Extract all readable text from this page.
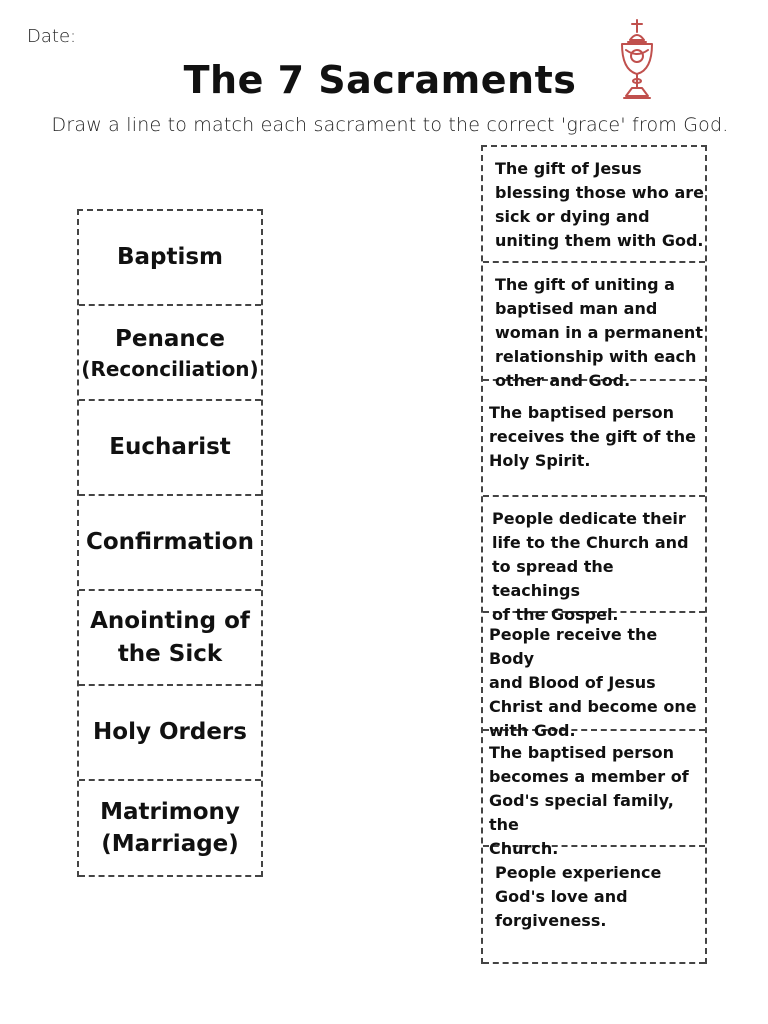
Date:
The 7 Sacraments
Draw a line to match each sacrament to the correct 'grace' from God.
Baptism
Penance
(Reconciliation)
Eucharist
Confirmation
Anointing of
the Sick
Holy Orders
Matrimony
(Marriage)
The gift of Jesus
blessing those who are
sick or dying and
uniting them with God.
The gift of uniting a
baptised man and
woman in a permanent
relationship with each
other and God.
The baptised person
receives the gift of the
Holy Spirit.
People dedicate their
life to the Church and
to spread the teachings
of the Gospel.
People receive the Body
and Blood of Jesus
Christ and become one
with God.
The baptised person
becomes a member of
God's special family, the
Church.
People experience
God's love and
forgiveness.
